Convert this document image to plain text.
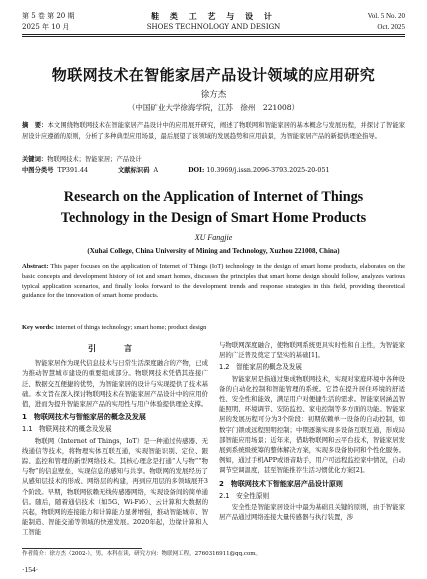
第 5 卷 第 20 期
2025 年 10 月
鞋 类 工 艺 与 设 计
SHOES TECHNOLOGY AND DESIGN
Vol. 5 No. 20
Oct. 2025
物联网技术在智能家居产品设计领域的应用研究
徐方杰
（中国矿业大学徐海学院，江苏　徐州　221008）
摘　要：本文围绕物联网技术在智能家居产品设计中的应用展开研究，阐述了物联网和智能家居的基本概念与发展历程，并探讨了智能家居设计应遵循的原则，分析了多种典型应用场景，最后展望了该领域的发展趋势和应用前景，为智能家居产品的新提供理论指导。
关键词：物联网技术；智能家居；产品设计
中图分类号 TP391.44	文献标识码 A	DOI: 10.3969/j.issn.2096-3793.2025-20-051
Research on the Application of Internet of Things Technology in the Design of Smart Home Products
XU Fangjie
(Xuhai College, China University of Mining and Technology, Xuzhou 221008, China)
Abstract: This paper focuses on the application of Internet of Things (IoT) technology in the design of smart home products, elaborates on the basic concepts and development history of iot and smart homes, discusses the principles that smart home design should follow, analyzes various typical application scenarios, and finally looks forward to the development trends and response strategies in this field, providing theoretical guidance for the innovation of smart home products.
Key words: internet of things technology; smart home; product design
引　言

智能家居作为现代信息技术与日常生活深度融合的产物，已成为推动智慧城市建设的重要组成部分。物联网技术凭借其连接广泛、数据交互便捷的优势，为智能家居的设计与实现提供了技术基础。本文旨在深入探讨物联网技术在智能家居产品设计中的应用价值，进而为提升智能家居产品的实用性与用户体验提供理论支撑。

1　物联网技术与智能家居的概念及发展
1.1　物联网技术的概念及发展

物联网（Internet of Things，IoT）是一种通过传感器、无线通信等技术，将物理实体互联互通，实现智能识别、定位、跟踪、监控和管理的新型网络技术。其核心理念是打通“人与物”“物与物”的信息壁垒，实现信息的感知与共享。物联网的发展经历了从感知层技术的形成、网络层的构建，再到应用层的多领域展开3个阶段。早期，物联网依赖无线传感器网络，实现设备间的简单通信。随后，随着通信技术（如5G、Wi-Fi6）、云计算和大数据的兴起，物联网的连接能力和计算能力显著增强，推动智能城市、智能制造、智能交通等领域的快速发展。2020年起，边缘计算和人工智能

与物联网深度融合，使物联网系统更具实时性和自主性，为智能家居的广泛普及奠定了坚实的基础[1]。

1.2　智能家居的概念及发展

智能家居是指通过集成物联网技术，实现对家庭环境中各种设备的自动化控制和智能管理的系统。它旨在提升居住环境的舒适性、安全性和能效，满足用户对便捷生活的需求。智能家居涵盖智能照明、环境调节、安防监控、家电控制等多方面的功能。智能家居的发展历程可分为3个阶段：初期依赖单一设备的自动控制，如数字门锁或远程照明控制；中期逐渐实现多设备互联互通，形成局部智能应用场景；近年来，借助物联网和云平台技术，智能家居发展到系统级统筹的整体解决方案，实现多设备协同和个性化服务。例如，通过手机APP或语音助手，用户可远程监控家中情况，自动调节空调温度，甚至智能推荐生活习惯优化方案[2]。

2　物联网技术下智能家居产品设计原则
2.1　安全性原则

安全性是智能家居设计中最为基础且关键的原则，由于智能家居产品通过网络连接大量传感器与执行装置，涉

作者简介：徐方杰（2002-），男，本科在读，研究方向：物联网工程，2760316911@qq.com。
·154·
